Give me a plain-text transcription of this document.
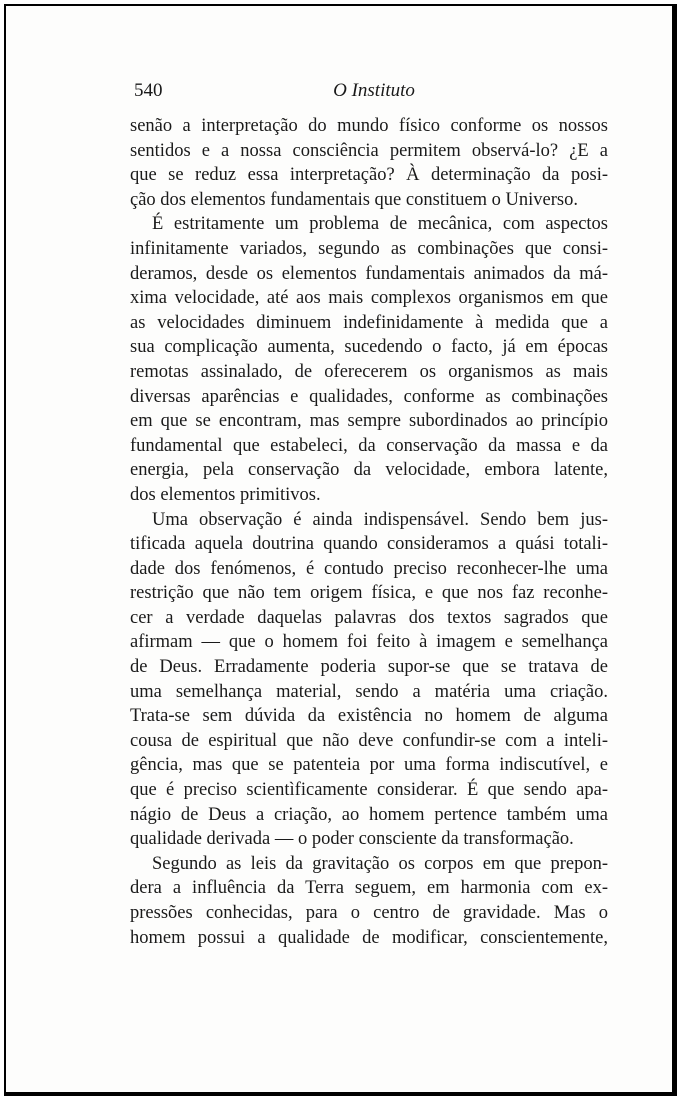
540	O Instituto
senão a interpretação do mundo físico conforme os nossos
sentidos e a nossa consciência permitem observá-lo? ¿E a
que se reduz essa interpretação? À determinação da posi-
ção dos elementos fundamentais que constituem o Universo.
É estritamente um problema de mecânica, com aspectos
infinitamente variados, segundo as combinações que consi-
deramos, desde os elementos fundamentais animados da má-
xima velocidade, até aos mais complexos organismos em que
as velocidades diminuem indefinidamente à medida que a
sua complicação aumenta, sucedendo o facto, já em épocas
remotas assinalado, de oferecerem os organismos as mais
diversas aparências e qualidades, conforme as combinações
em que se encontram, mas sempre subordinados ao princípio
fundamental que estabeleci, da conservação da massa e da
energia, pela conservação da velocidade, embora latente,
dos elementos primitivos.
Uma observação é ainda indispensável. Sendo bem jus-
tificada aquela doutrina quando consideramos a quási totali-
dade dos fenómenos, é contudo preciso reconhecer-lhe uma
restrição que não tem origem física, e que nos faz reconhe-
cer a verdade daquelas palavras dos textos sagrados que
afirmam — que o homem foi feito à imagem e semelhança
de Deus. Erradamente poderia supor-se que se tratava de
uma semelhança material, sendo a matéria uma criação.
Trata-se sem dúvida da existência no homem de alguma
cousa de espiritual que não deve confundir-se com a inteli-
gência, mas que se patenteia por uma forma indiscutível, e
que é preciso scientìficamente considerar. É que sendo apa-
nágio de Deus a criação, ao homem pertence também uma
qualidade derivada — o poder consciente da transformação.
Segundo as leis da gravitação os corpos em que prepon-
dera a influência da Terra seguem, em harmonia com ex-
pressões conhecidas, para o centro de gravidade. Mas o
homem possui a qualidade de modificar, conscientemente,
